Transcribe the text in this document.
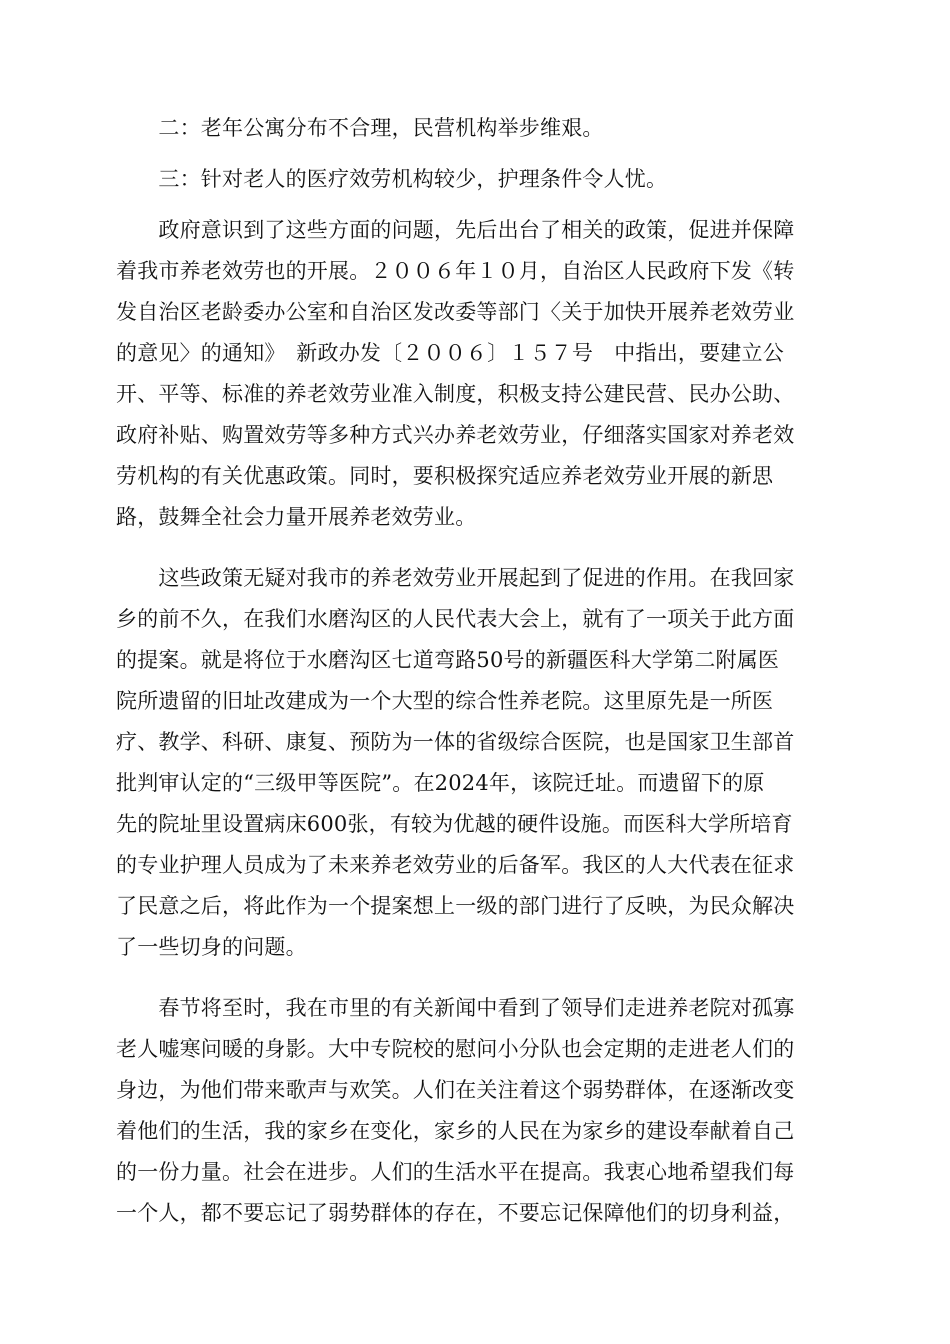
　　二：老年公寓分布不合理，民营机构举步维艰。
　　三：针对老人的医疗效劳机构较少，护理条件令人忧。
　　政府意识到了这些方面的问题，先后出台了相关的政策，促进并保障
着我市养老效劳也的开展。２００６年１０月，自治区人民政府下发《转
发自治区老龄委办公室和自治区发改委等部门〈关于加快开展养老效劳业
的意见〉的通知》　新政办发〔２００６〕１５７号　中指出，要建立公
开、平等、标准的养老效劳业准入制度，积极支持公建民营、民办公助、
政府补贴、购置效劳等多种方式兴办养老效劳业，仔细落实国家对养老效
劳机构的有关优惠政策。同时，要积极探究适应养老效劳业开展的新思
路，鼓舞全社会力量开展养老效劳业。
　　这些政策无疑对我市的养老效劳业开展起到了促进的作用。在我回家
乡的前不久，在我们水磨沟区的人民代表大会上，就有了一项关于此方面
的提案。就是将位于水磨沟区七道弯路50号的新疆医科大学第二附属医
院所遗留的旧址改建成为一个大型的综合性养老院。这里原先是一所医
疗、教学、科研、康复、预防为一体的省级综合医院，也是国家卫生部首
批判审认定的“三级甲等医院”。在2024年，该院迁址。而遗留下的原
先的院址里设置病床600张，有较为优越的硬件设施。而医科大学所培育
的专业护理人员成为了未来养老效劳业的后备军。我区的人大代表在征求
了民意之后，将此作为一个提案想上一级的部门进行了反映，为民众解决
了一些切身的问题。
　　春节将至时，我在市里的有关新闻中看到了领导们走进养老院对孤寡
老人嘘寒问暖的身影。大中专院校的慰问小分队也会定期的走进老人们的
身边，为他们带来歌声与欢笑。人们在关注着这个弱势群体，在逐渐改变
着他们的生活，我的家乡在变化，家乡的人民在为家乡的建设奉献着自己
的一份力量。社会在进步。人们的生活水平在提高。我衷心地希望我们每
一个人，都不要忘记了弱势群体的存在，不要忘记保障他们的切身利益，
